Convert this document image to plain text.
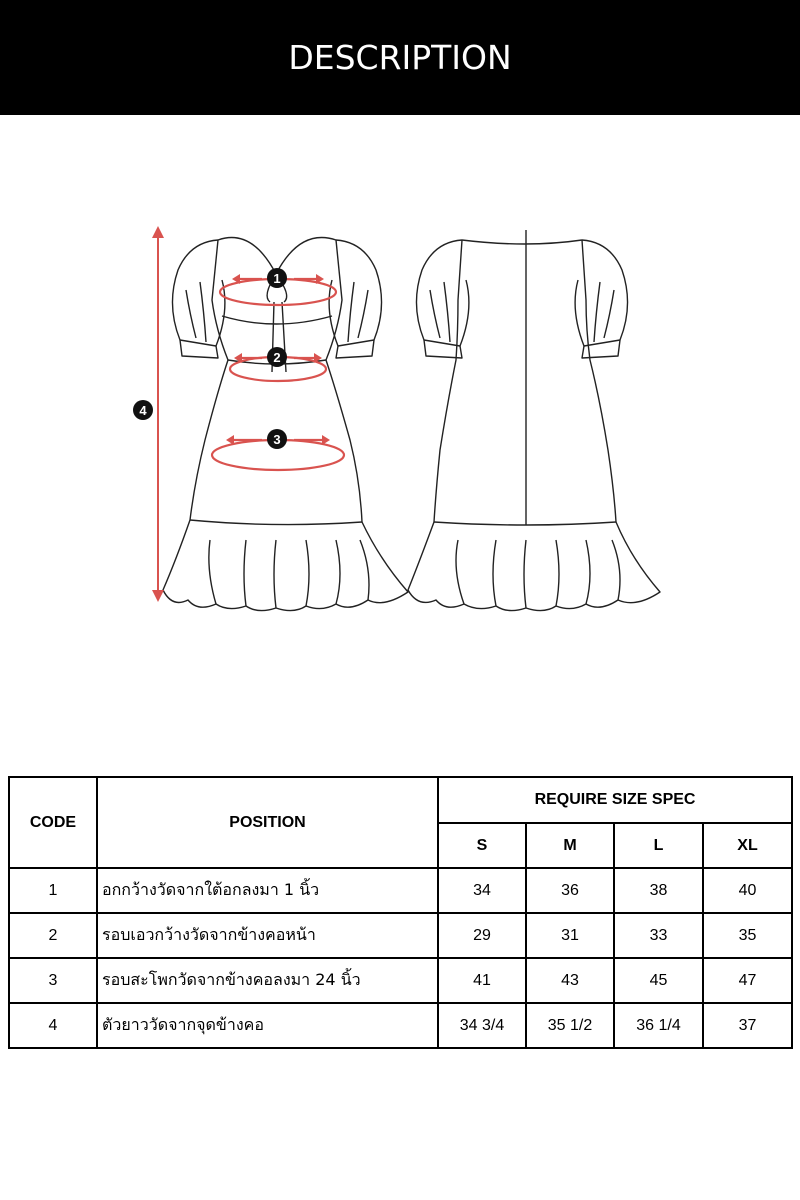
DESCRIPTION
1
2
3
4
CODE	POSITION	REQUIRE SIZE SPEC			
		S	M	L	XL
1	อกกว้างวัดจากใต้อกลงมา 1 นิ้ว	34	36	38	40
2	รอบเอวกว้างวัดจากข้างคอหน้า	29	31	33	35
3	รอบสะโพกวัดจากข้างคอลงมา 24 นิ้ว	41	43	45	47
4	ตัวยาววัดจากจุดข้างคอ	34 3/4	35 1/2	36 1/4	37
